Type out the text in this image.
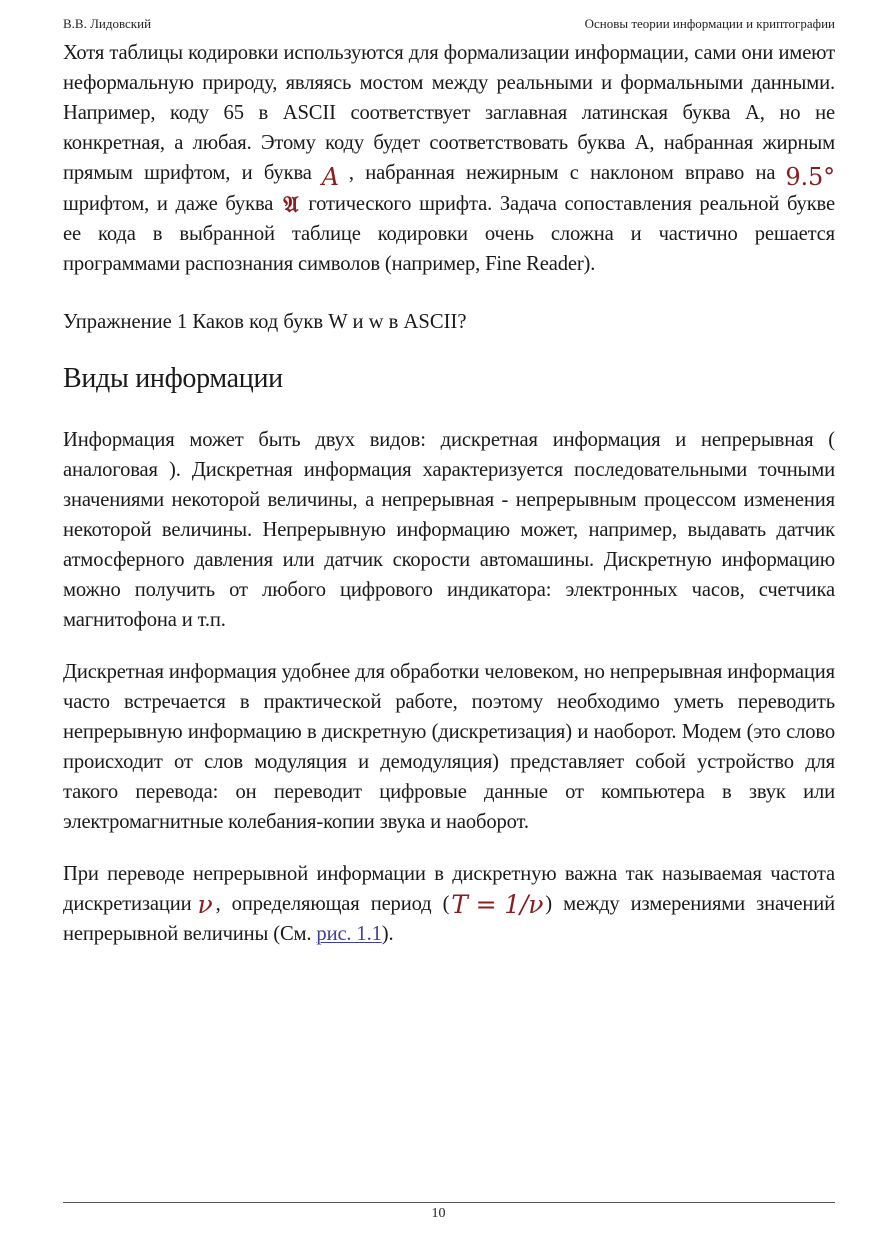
В.В. Лидовский	Основы теории информации и криптографии

Хотя таблицы кодировки используются для формализации информации, сами они имеют неформальную природу, являясь мостом между реальными и формальными данными. Например, коду 65 в ASCII соответствует заглавная латинская буква A, но не конкретная, а любая. Этому коду будет соответствовать буква A, набранная жирным прямым шрифтом, и буква A , набранная нежирным с наклоном вправо на 9.5° шрифтом, и даже буква 𝔄 готического шрифта. Задача сопоставления реальной букве ее кода в выбранной таблице кодировки очень сложна и частично решается программами распознания символов (например, Fine Reader).

Упражнение 1 Каков код букв W и w в ASCII?

Виды информации

Информация может быть двух видов: дискретная информация и непрерывная ( аналоговая ). Дискретная информация характеризуется последовательными точными значениями некоторой величины, а непрерывная - непрерывным процессом изменения некоторой величины. Непрерывную информацию может, например, выдавать датчик атмосферного давления или датчик скорости автомашины. Дискретную информацию можно получить от любого цифрового индикатора: электронных часов, счетчика магнитофона и т.п.

Дискретная информация удобнее для обработки человеком, но непрерывная информация часто встречается в практической работе, поэтому необходимо уметь переводить непрерывную информацию в дискретную (дискретизация) и наоборот. Модем (это слово происходит от слов модуляция и демодуляция) представляет собой устройство для такого перевода: он переводит цифровые данные от компьютера в звук или электромагнитные колебания-копии звука и наоборот.

При переводе непрерывной информации в дискретную важна так называемая частота дискретизации ν , определяющая период (T = 1/ν) между измерениями значений непрерывной величины (См. рис. 1.1).

10
